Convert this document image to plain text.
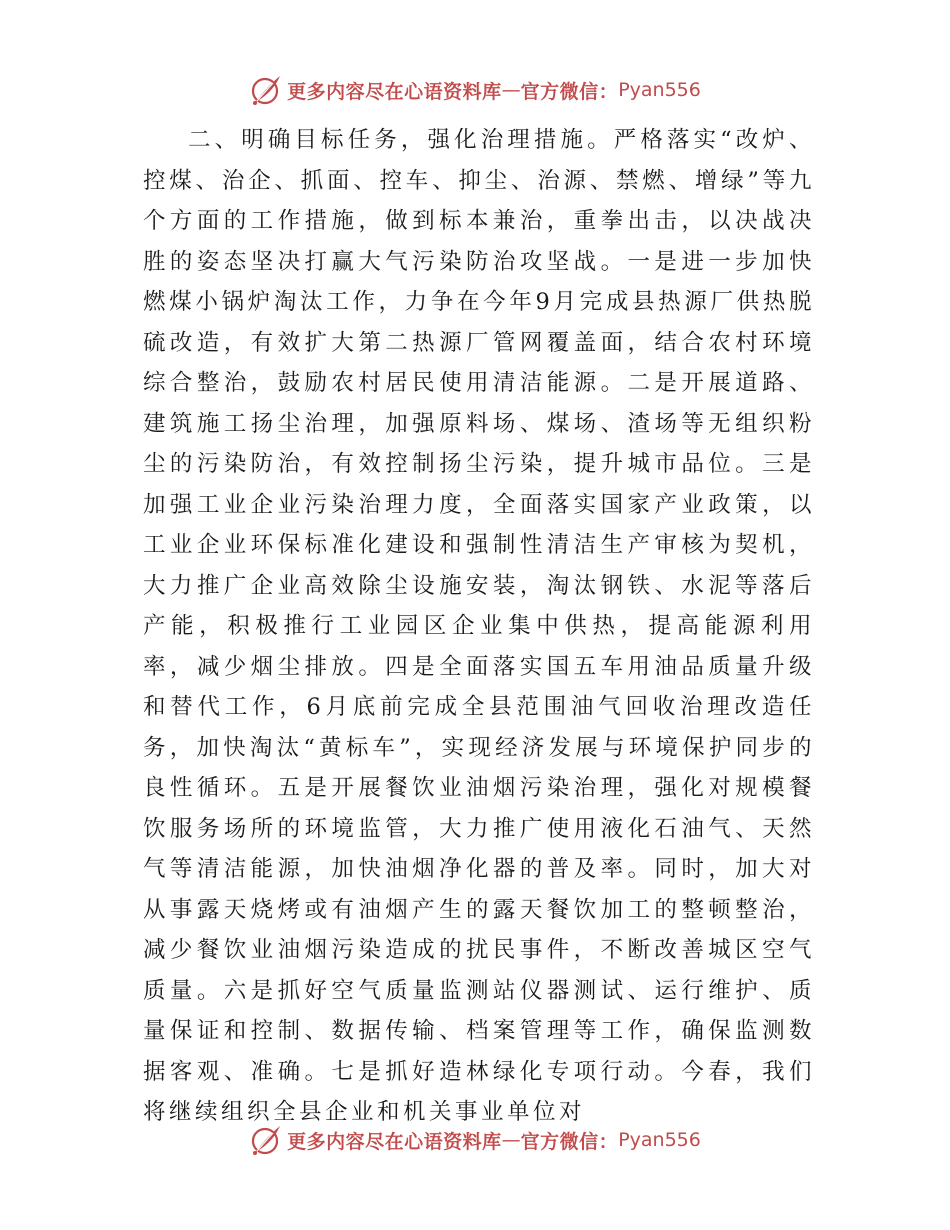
更多内容尽在心语资料库 — 官方微信： Pyan556

二、明确目标任务，强化治理措施。严格落实“改炉、控煤、治企、抓面、控车、抑尘、治源、禁燃、增绿”等九个方面的工作措施，做到标本兼治，重拳出击，以决战决胜的姿态坚决打赢大气污染防治攻坚战。一是进一步加快燃煤小锅炉淘汰工作，力争在今年9月完成县热源厂供热脱硫改造，有效扩大第二热源厂管网覆盖面，结合农村环境综合整治，鼓励农村居民使用清洁能源。二是开展道路、建筑施工扬尘治理，加强原料场、煤场、渣场等无组织粉尘的污染防治，有效控制扬尘污染，提升城市品位。三是加强工业企业污染治理力度，全面落实国家产业政策，以工业企业环保标准化建设和强制性清洁生产审核为契机，大力推广企业高效除尘设施安装，淘汰钢铁、水泥等落后产能，积极推行工业园区企业集中供热，提高能源利用率，减少烟尘排放。四是全面落实国五车用油品质量升级和替代工作，6月底前完成全县范围油气回收治理改造任务，加快淘汰“黄标车”，实现经济发展与环境保护同步的良性循环。五是开展餐饮业油烟污染治理，强化对规模餐饮服务场所的环境监管，大力推广使用液化石油气、天然气等清洁能源，加快油烟净化器的普及率。同时，加大对从事露天烧烤或有油烟产生的露天餐饮加工的整顿整治，减少餐饮业油烟污染造成的扰民事件，不断改善城区空气质量。六是抓好空气质量监测站仪器测试、运行维护、质量保证和控制、数据传输、档案管理等工作，确保监测数据客观、准确。七是抓好造林绿化专项行动。今春，我们将继续组织全县企业和机关事业单位对

更多内容尽在心语资料库 — 官方微信： Pyan556
